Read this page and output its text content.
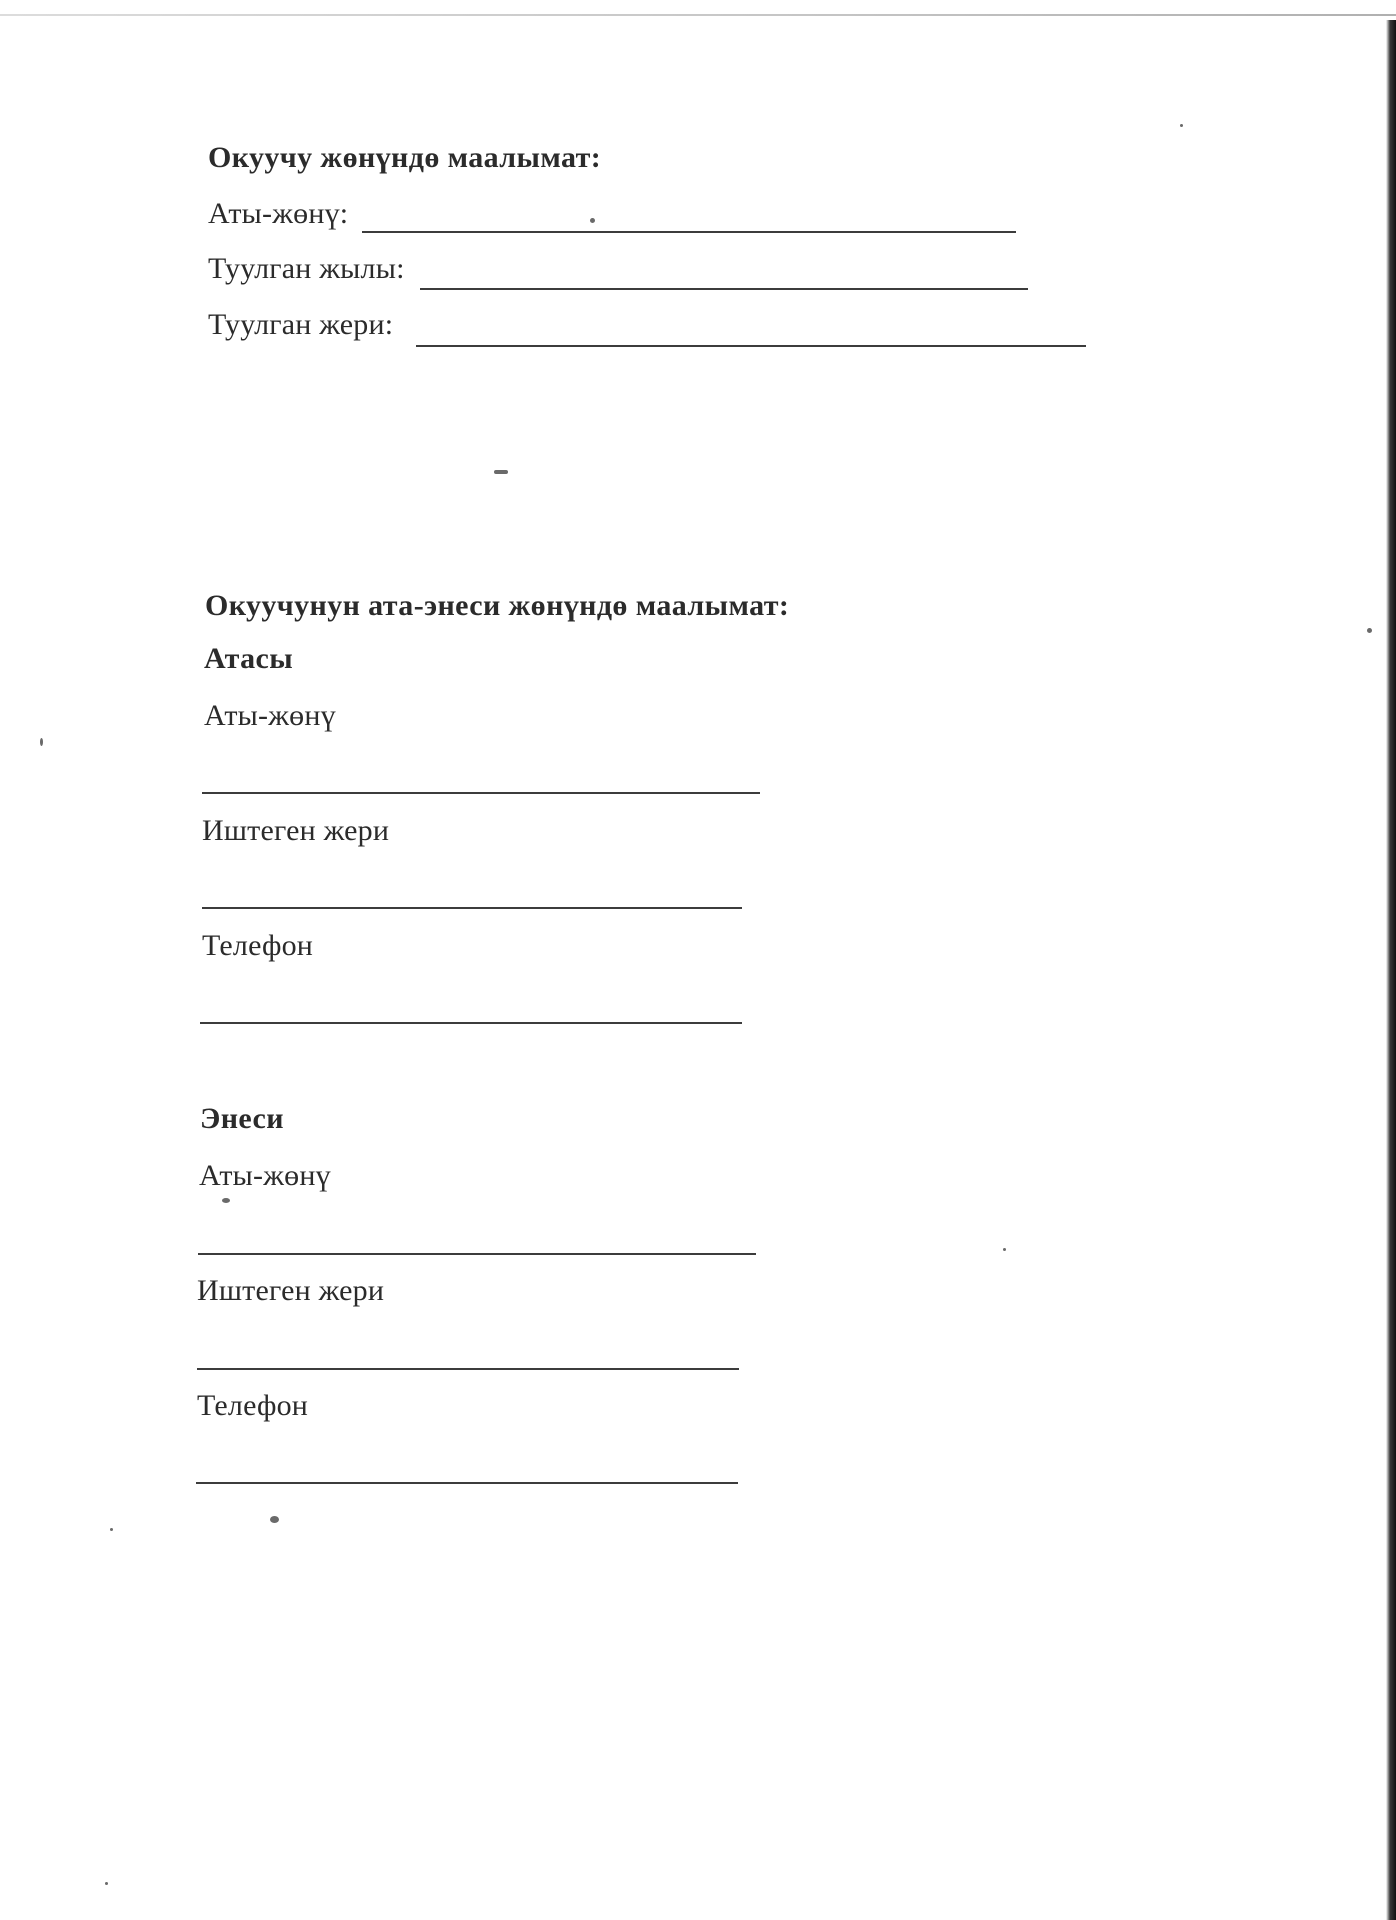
Окуучу жөнүндө маалымат:
Аты-жөнү:
Туулган жылы:
Туулган жери:
Окуучунун ата-энеси жөнүндө маалымат:
Атасы
Аты-жөнү
Иштеген жери
Телефон
Энеси
Аты-жөнү
Иштеген жери
Телефон
